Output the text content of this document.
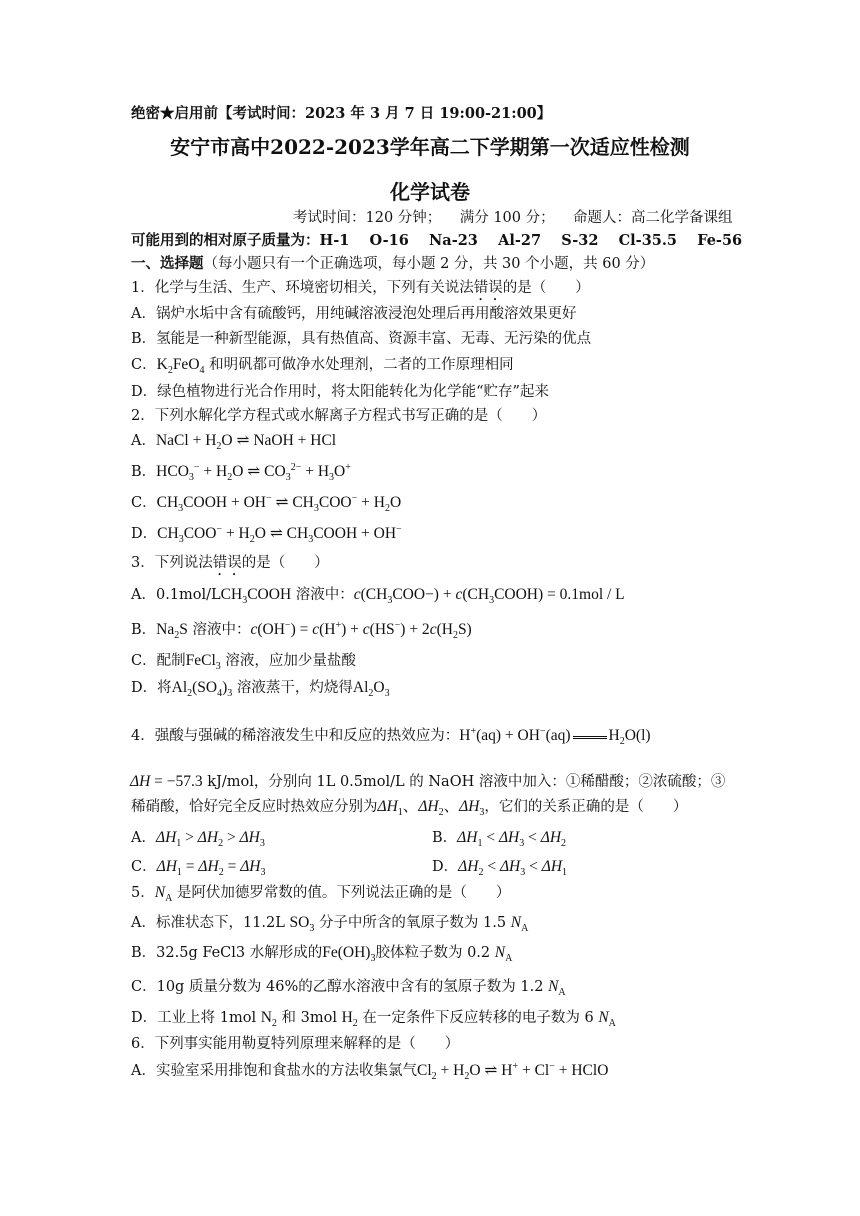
绝密★启用前【考试时间：2023 年 3 月 7 日 19:00-21:00】
安宁市高中2022-2023学年高二下学期第一次适应性检测
化学试卷
考试时间：120 分钟；    满分 100 分；    命题人：高二化学备课组
可能用到的相对原子质量为：H-1    O-16    Na-23    Al-27    S-32    Cl-35.5    Fe-56
一、选择题（每小题只有一个正确选项，每小题 2 分，共 30 个小题，共 60 分）
1．化学与生活、生产、环境密切相关，下列有关说法错误的是（　　）
A．锅炉水垢中含有硫酸钙，用纯碱溶液浸泡处理后再用酸溶效果更好
B．氢能是一种新型能源，具有热值高、资源丰富、无毒、无污染的优点
C．$K_2FeO_4$ 和明矾都可做净水处理剂，二者的工作原理相同
D．绿色植物进行光合作用时，将太阳能转化为化学能“贮存”起来
2．下列水解化学方程式或水解离子方程式书写正确的是（　　）
A．NaCl + $H_2O$ ⇌ NaOH + HCl
B．$HCO_3^- + H_2O$ ⇌ $CO_3^{2-} + H_3O^+$
C．$CH_3COOH + OH^-$ ⇌ $CH_3COO^- + H_2O$
D．$CH_3COO^- + H_2O$ ⇌ $CH_3COOH + OH^-$
3．下列说法错误的是（　　）
A．$0.1mol/LCH_3COOH$ 溶液中：$c(CH_3COO-)$ + $c(CH_3COOH) = 0.1mol / L$
B．$Na_2S$ 溶液中：$c(OH^-) = c(H^+) + c(HS^-) + 2c(H_2S)$
C．配制FeCl$_3$ 溶液，应加少量盐酸
D．将$Al_2(SO_4)_3$ 溶液蒸干，灼烧得$Al_2O_3$
4．强酸与强碱的稀溶液发生中和反应的热效应为：H+(aq) + OH−(aq) $H_2O(l)$
ΔH = −57.3 kJ/mol，分别向 1L 0.5mol/L 的 NaOH 溶液中加入：①稀醋酸；②浓硫酸；③
稀硝酸，恰好完全反应时热效应分别为$\Delta H_1$、$\Delta H_2$、$\Delta H_3$，它们的关系正确的是（　　）
A．$\Delta H_1 > \Delta H_2 > \Delta H_3$	B．$\Delta H_1 < \Delta H_3 < \Delta H_2$
C．$\Delta H_1 = \Delta H_2 = \Delta H_3$	D．$\Delta H_2 < \Delta H_3 < \Delta H_1$
5．$N_A$ 是阿伏加德罗常数的值。下列说法正确的是（　　）
A．标准状态下，11.2L $SO_3$ 分子中所含的氧原子数为 1.5 $N_A$
B．32.5g FeCl3 水解形成的$Fe(OH)_3$胶体粒子数为 0.2 $N_A$
C．10g 质量分数为 46%的乙醇水溶液中含有的氢原子数为 1.2 $N_A$
D．工业上将 1mol $N_2$ 和 3mol $H_2$ 在一定条件下反应转移的电子数为 6 $N_A$
6．下列事实能用勒夏特列原理来解释的是（　　）
A．实验室采用排饱和食盐水的方法收集氯气$Cl_2 + H_2O$ ⇌ H+ + Cl− + HClO
